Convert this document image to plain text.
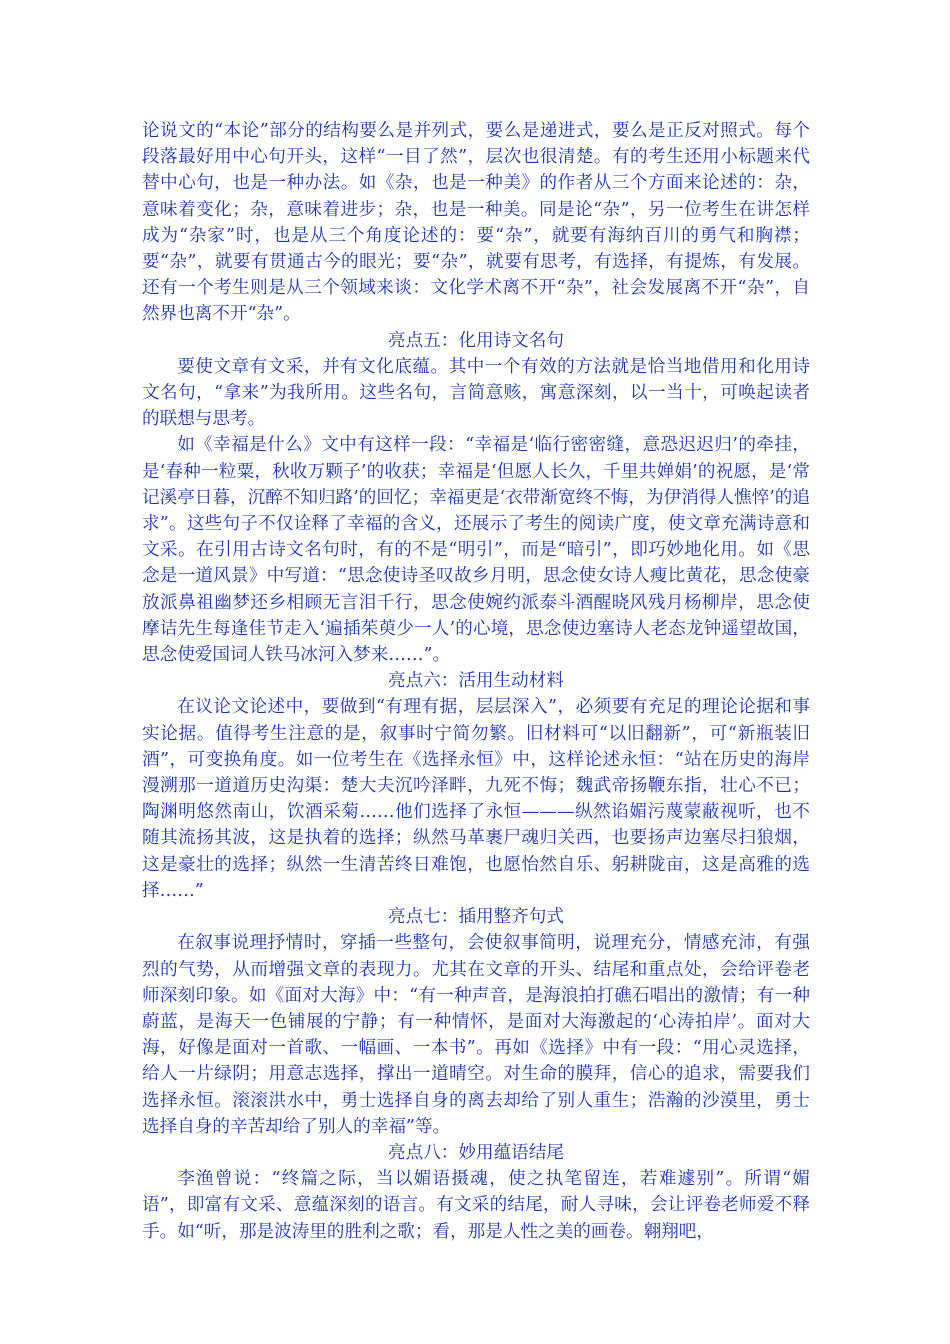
论说文的“本论”部分的结构要么是并列式，要么是递进式，要么是正反对照式。每个段落最好用中心句开头，这样“一目了然”，层次也很清楚。有的考生还用小标题来代替中心句，也是一种办法。如《杂，也是一种美》的作者从三个方面来论述的：杂，意味着变化；杂，意味着进步；杂，也是一种美。同是论“杂”，另一位考生在讲怎样成为“杂家”时，也是从三个角度论述的：要“杂”，就要有海纳百川的勇气和胸襟；要“杂”，就要有贯通古今的眼光；要“杂”，就要有思考，有选择，有提炼，有发展。还有一个考生则是从三个领域来谈：文化学术离不开“杂”，社会发展离不开“杂”，自然界也离不开“杂”。

亮点五：化用诗文名句

要使文章有文采，并有文化底蕴。其中一个有效的方法就是恰当地借用和化用诗文名句，“拿来”为我所用。这些名句，言简意赅，寓意深刻，以一当十，可唤起读者的联想与思考。

如《幸福是什么》文中有这样一段：“幸福是‘临行密密缝，意恐迟迟归’的牵挂，是‘春种一粒粟，秋收万颗子’的收获；幸福是‘但愿人长久，千里共婵娟’的祝愿，是‘常记溪亭日暮，沉醉不知归路’的回忆；幸福更是‘衣带渐宽终不悔，为伊消得人憔悴’的追求”。这些句子不仅诠释了幸福的含义，还展示了考生的阅读广度，使文章充满诗意和文采。在引用古诗文名句时，有的不是“明引”，而是“暗引”，即巧妙地化用。如《思念是一道风景》中写道：“思念使诗圣叹故乡月明，思念使女诗人瘦比黄花，思念使豪放派鼻祖幽梦还乡相顾无言泪千行，思念使婉约派泰斗酒醒晓风残月杨柳岸，思念使摩诘先生每逢佳节走入‘遍插茱萸少一人’的心境，思念使边塞诗人老态龙钟遥望故国，思念使爱国词人铁马冰河入梦来……”。

亮点六：活用生动材料

在议论文论述中，要做到“有理有据，层层深入”，必须要有充足的理论论据和事实论据。值得考生注意的是，叙事时宁简勿繁。旧材料可“以旧翻新”，可“新瓶装旧酒”，可变换角度。如一位考生在《选择永恒》中，这样论述永恒：“站在历史的海岸漫溯那一道道历史沟渠：楚大夫沉吟泽畔，九死不悔；魏武帝扬鞭东指，壮心不已；陶渊明悠然南山，饮酒采菊……他们选择了永恒———纵然谄媚污蔑蒙蔽视听，也不随其流扬其波，这是执着的选择；纵然马革裹尸魂归关西，也要扬声边塞尽扫狼烟，这是豪壮的选择；纵然一生清苦终日难饱，也愿怡然自乐、躬耕陇亩，这是高雅的选择……”

亮点七：插用整齐句式

在叙事说理抒情时，穿插一些整句，会使叙事简明，说理充分，情感充沛，有强烈的气势，从而增强文章的表现力。尤其在文章的开头、结尾和重点处，会给评卷老师深刻印象。如《面对大海》中：“有一种声音，是海浪拍打礁石唱出的激情；有一种蔚蓝，是海天一色铺展的宁静；有一种情怀，是面对大海激起的‘心涛拍岸’。面对大海，好像是面对一首歌、一幅画、一本书”。再如《选择》中有一段：“用心灵选择，给人一片绿阴；用意志选择，撑出一道晴空。对生命的膜拜，信心的追求，需要我们选择永恒。滚滚洪水中，勇士选择自身的离去却给了别人重生；浩瀚的沙漠里，勇士选择自身的辛苦却给了别人的幸福”等。

亮点八：妙用蕴语结尾

李渔曾说：“终篇之际，当以媚语摄魂，使之执笔留连，若难遽别”。所谓“媚语”，即富有文采、意蕴深刻的语言。有文采的结尾，耐人寻味，会让评卷老师爱不释手。如“听，那是波涛里的胜利之歌；看，那是人性之美的画卷。翱翔吧，
